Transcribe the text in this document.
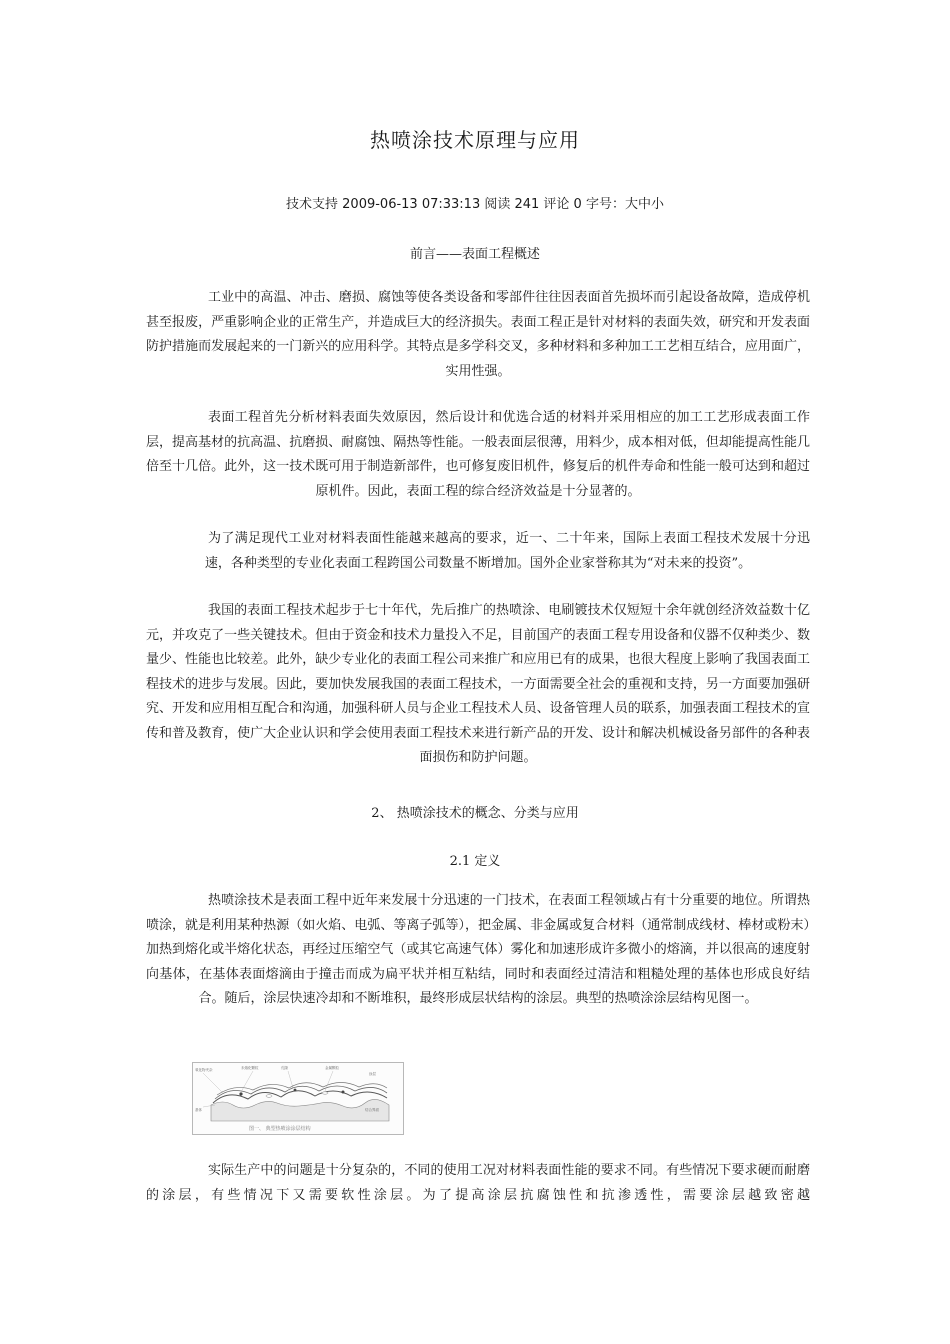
热喷涂技术原理与应用
技术支持 2009-06-13 07:33:13 阅读 241 评论 0 字号：大中小
前言——表面工程概述

工业中的高温、冲击、磨损、腐蚀等使各类设备和零部件往往因表面首先损坏而引起设备故障，造成停机甚至报废，严重影响企业的正常生产，并造成巨大的经济损失。表面工程正是针对材料的表面失效，研究和开发表面防护措施而发展起来的一门新兴的应用科学。其特点是多学科交叉，多种材料和多种加工工艺相互结合，应用面广，实用性强。

表面工程首先分析材料表面失效原因，然后设计和优选合适的材料并采用相应的加工工艺形成表面工作层，提高基材的抗高温、抗磨损、耐腐蚀、隔热等性能。一般表面层很薄，用料少，成本相对低，但却能提高性能几倍至十几倍。此外，这一技术既可用于制造新部件，也可修复废旧机件，修复后的机件寿命和性能一般可达到和超过原机件。因此，表面工程的综合经济效益是十分显著的。

为了满足现代工业对材料表面性能越来越高的要求，近一、二十年来，国际上表面工程技术发展十分迅速，各种类型的专业化表面工程跨国公司数量不断增加。国外企业家誉称其为“对未来的投资”。

我国的表面工程技术起步于七十年代，先后推广的热喷涂、电刷镀技术仅短短十余年就创经济效益数十亿元，并攻克了一些关键技术。但由于资金和技术力量投入不足，目前国产的表面工程专用设备和仪器不仅种类少、数量少、性能也比较差。此外，缺少专业化的表面工程公司来推广和应用已有的成果，也很大程度上影响了我国表面工程技术的进步与发展。因此，要加快发展我国的表面工程技术，一方面需要全社会的重视和支持，另一方面要加强研究、开发和应用相互配合和沟通，加强科研人员与企业工程技术人员、设备管理人员的联系，加强表面工程技术的宣传和普及教育，使广大企业认识和学会使用表面工程技术来进行新产品的开发、设计和解决机械设备另部件的各种表面损伤和防护问题。

2、 热喷涂技术的概念、分类与应用
2.1 定义

热喷涂技术是表面工程中近年来发展十分迅速的一门技术，在表面工程领域占有十分重要的地位。所谓热喷涂，就是利用某种热源（如火焰、电弧、等离子弧等），把金属、非金属或复合材料（通常制成线材、棒材或粉末）加热到熔化或半熔化状态，再经过压缩空气（或其它高速气体）雾化和加速形成许多微小的熔滴，并以很高的速度射向基体，在基体表面熔滴由于撞击而成为扁平状并相互粘结，同时和表面经过清洁和粗糙处理的基体也形成良好结合。随后，涂层快速冷却和不断堆积，最终形成层状结构的涂层。典型的热喷涂涂层结构见图一。

氧化物夹杂	未熔化颗粒	孔隙	金属颗粒
基体	结合界面
涂层
图一、 典型热喷涂涂层结构

实际生产中的问题是十分复杂的，不同的使用工况对材料表面性能的要求不同。有些情况下要求硬而耐磨的涂层，有些情况下又需要软性涂层。为了提高涂层抗腐蚀性和抗渗透性，需要涂层越致密越
